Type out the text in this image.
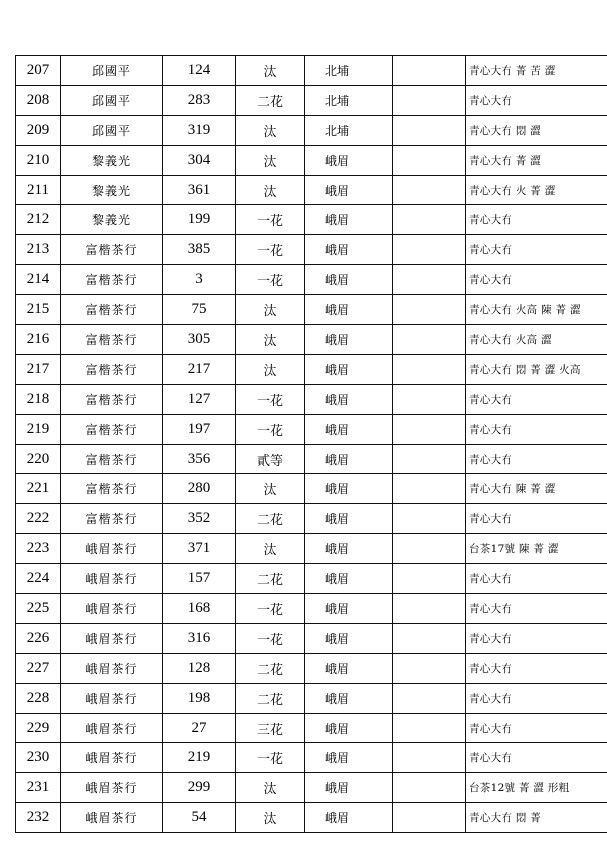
207	邱國平	124	汰	北埔		青心大冇 菁 苦 澀
208	邱國平	283	二花	北埔		青心大冇
209	邱國平	319	汰	北埔		青心大冇 悶 澀
210	黎義光	304	汰	峨眉		青心大冇 菁 澀
211	黎義光	361	汰	峨眉		青心大冇 火 菁 澀
212	黎義光	199	一花	峨眉		青心大冇
213	富楷茶行	385	一花	峨眉		青心大冇
214	富楷茶行	3	一花	峨眉		青心大冇
215	富楷茶行	75	汰	峨眉		青心大冇 火高 陳 菁 澀
216	富楷茶行	305	汰	峨眉		青心大冇 火高 澀
217	富楷茶行	217	汰	峨眉		青心大冇 悶 菁 澀 火高
218	富楷茶行	127	一花	峨眉		青心大冇
219	富楷茶行	197	一花	峨眉		青心大冇
220	富楷茶行	356	貳等	峨眉		青心大冇
221	富楷茶行	280	汰	峨眉		青心大冇 陳 菁 澀
222	富楷茶行	352	二花	峨眉		青心大冇
223	峨眉茶行	371	汰	峨眉		台茶17號 陳 菁 澀
224	峨眉茶行	157	二花	峨眉		青心大冇
225	峨眉茶行	168	一花	峨眉		青心大冇
226	峨眉茶行	316	一花	峨眉		青心大冇
227	峨眉茶行	128	二花	峨眉		青心大冇
228	峨眉茶行	198	二花	峨眉		青心大冇
229	峨眉茶行	27	三花	峨眉		青心大冇
230	峨眉茶行	219	一花	峨眉		青心大冇
231	峨眉茶行	299	汰	峨眉		台茶12號 菁 澀 形粗
232	峨眉茶行	54	汰	峨眉		青心大冇 悶 菁
